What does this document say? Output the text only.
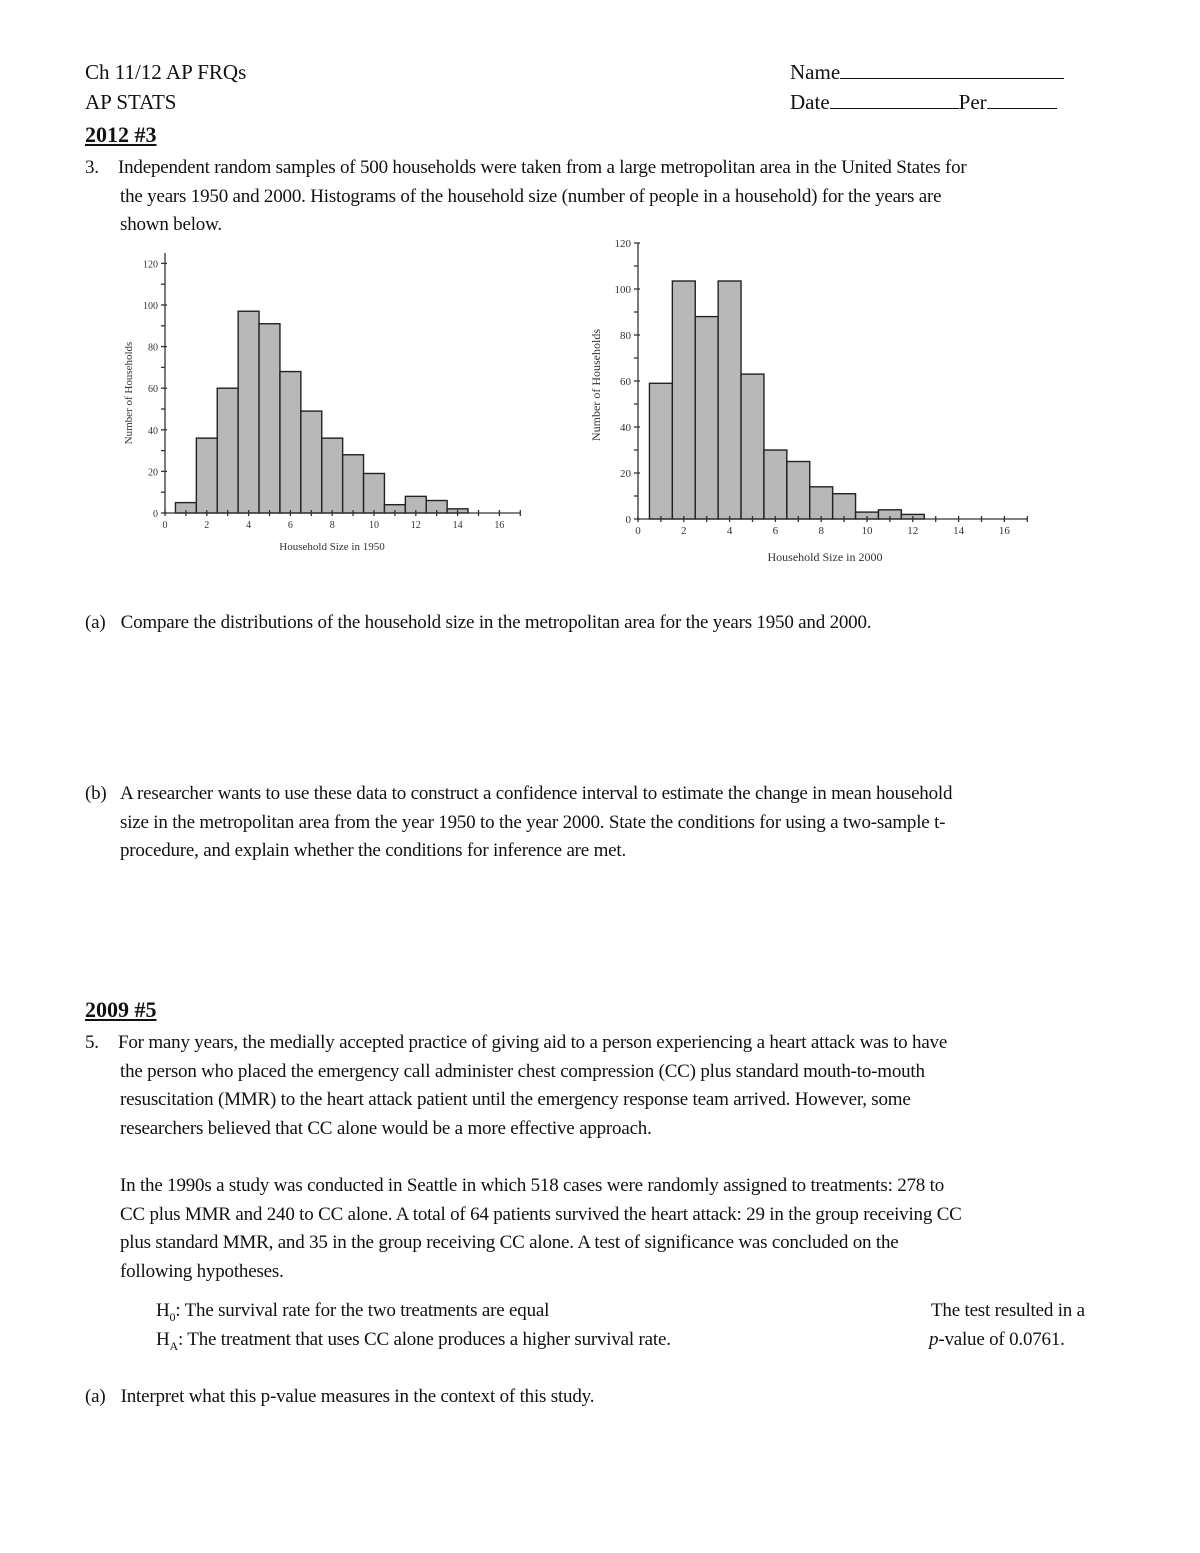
Ch 11/12 AP FRQs
AP STATS
Name
Date	Per
2012 #3
3.	Independent random samples of 500 households were taken from a large metropolitan area in the United States for
the years 1950 and 2000. Histograms of the household size (number of people in a household) for the years are
shown below.
0	2	4	6	8	10	12	14	16
0
20
40
60
80
100
120
Household Size in 1950
Number of Households
0	2	4	6	8	10	12	14	16
0
20
40
60
80
100
120
Household Size in 2000
Number of Households
(a) Compare the distributions of the household size in the metropolitan area for the years 1950 and 2000.
(b) A researcher wants to use these data to construct a confidence interval to estimate the change in mean household
size in the metropolitan area from the year 1950 to the year 2000. State the conditions for using a two-sample t-
procedure, and explain whether the conditions for inference are met.
2009 #5
5.	For many years, the medially accepted practice of giving aid to a person experiencing a heart attack was to have
the person who placed the emergency call administer chest compression (CC) plus standard mouth-to-mouth
resuscitation (MMR) to the heart attack patient until the emergency response team arrived. However, some
researchers believed that CC alone would be a more effective approach.
In the 1990s a study was conducted in Seattle in which 518 cases were randomly assigned to treatments: 278 to
CC plus MMR and 240 to CC alone. A total of 64 patients survived the heart attack: 29 in the group receiving CC
plus standard MMR, and 35 in the group receiving CC alone. A test of significance was concluded on the
following hypotheses.
$H_0$: The survival rate for the two treatments are equal
$H_A$: The treatment that uses CC alone produces a higher survival rate.
The test resulted in a
p-value of 0.0761.
(a) Interpret what this p-value measures in the context of this study.
